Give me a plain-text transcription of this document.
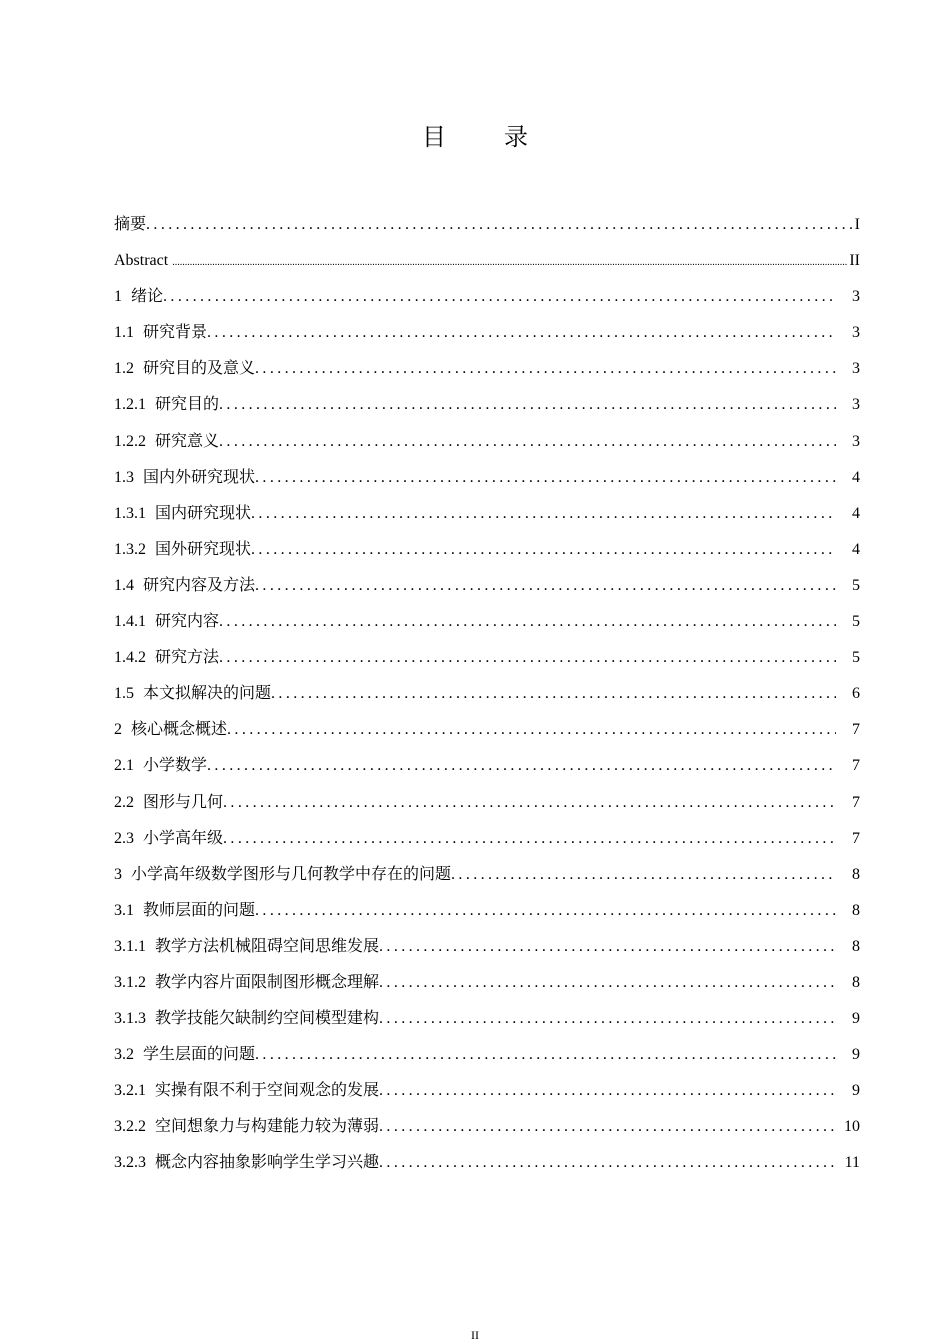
目 录
摘要 .....	I
Abstract .....	II
1 绪论 .....	3
1.1 研究背景 .....	3
1.2 研究目的及意义 .....	3
1.2.1 研究目的 .....	3
1.2.2 研究意义 .....	3
1.3 国内外研究现状 .....	4
1.3.1 国内研究现状 .....	4
1.3.2 国外研究现状 .....	4
1.4 研究内容及方法 .....	5
1.4.1 研究内容 .....	5
1.4.2 研究方法 .....	5
1.5 本文拟解决的问题 .....	6
2 核心概念概述 .....	7
2.1 小学数学 .....	7
2.2 图形与几何 .....	7
2.3 小学高年级 .....	7
3 小学高年级数学图形与几何教学中存在的问题 .....	8
3.1 教师层面的问题 .....	8
3.1.1 教学方法机械阻碍空间思维发展 .....	8
3.1.2 教学内容片面限制图形概念理解 .....	8
3.1.3 教学技能欠缺制约空间模型建构 .....	9
3.2 学生层面的问题 .....	9
3.2.1 实操有限不利于空间观念的发展 .....	9
3.2.2 空间想象力与构建能力较为薄弱 .....	10
3.2.3 概念内容抽象影响学生学习兴趣 .....	11
II
